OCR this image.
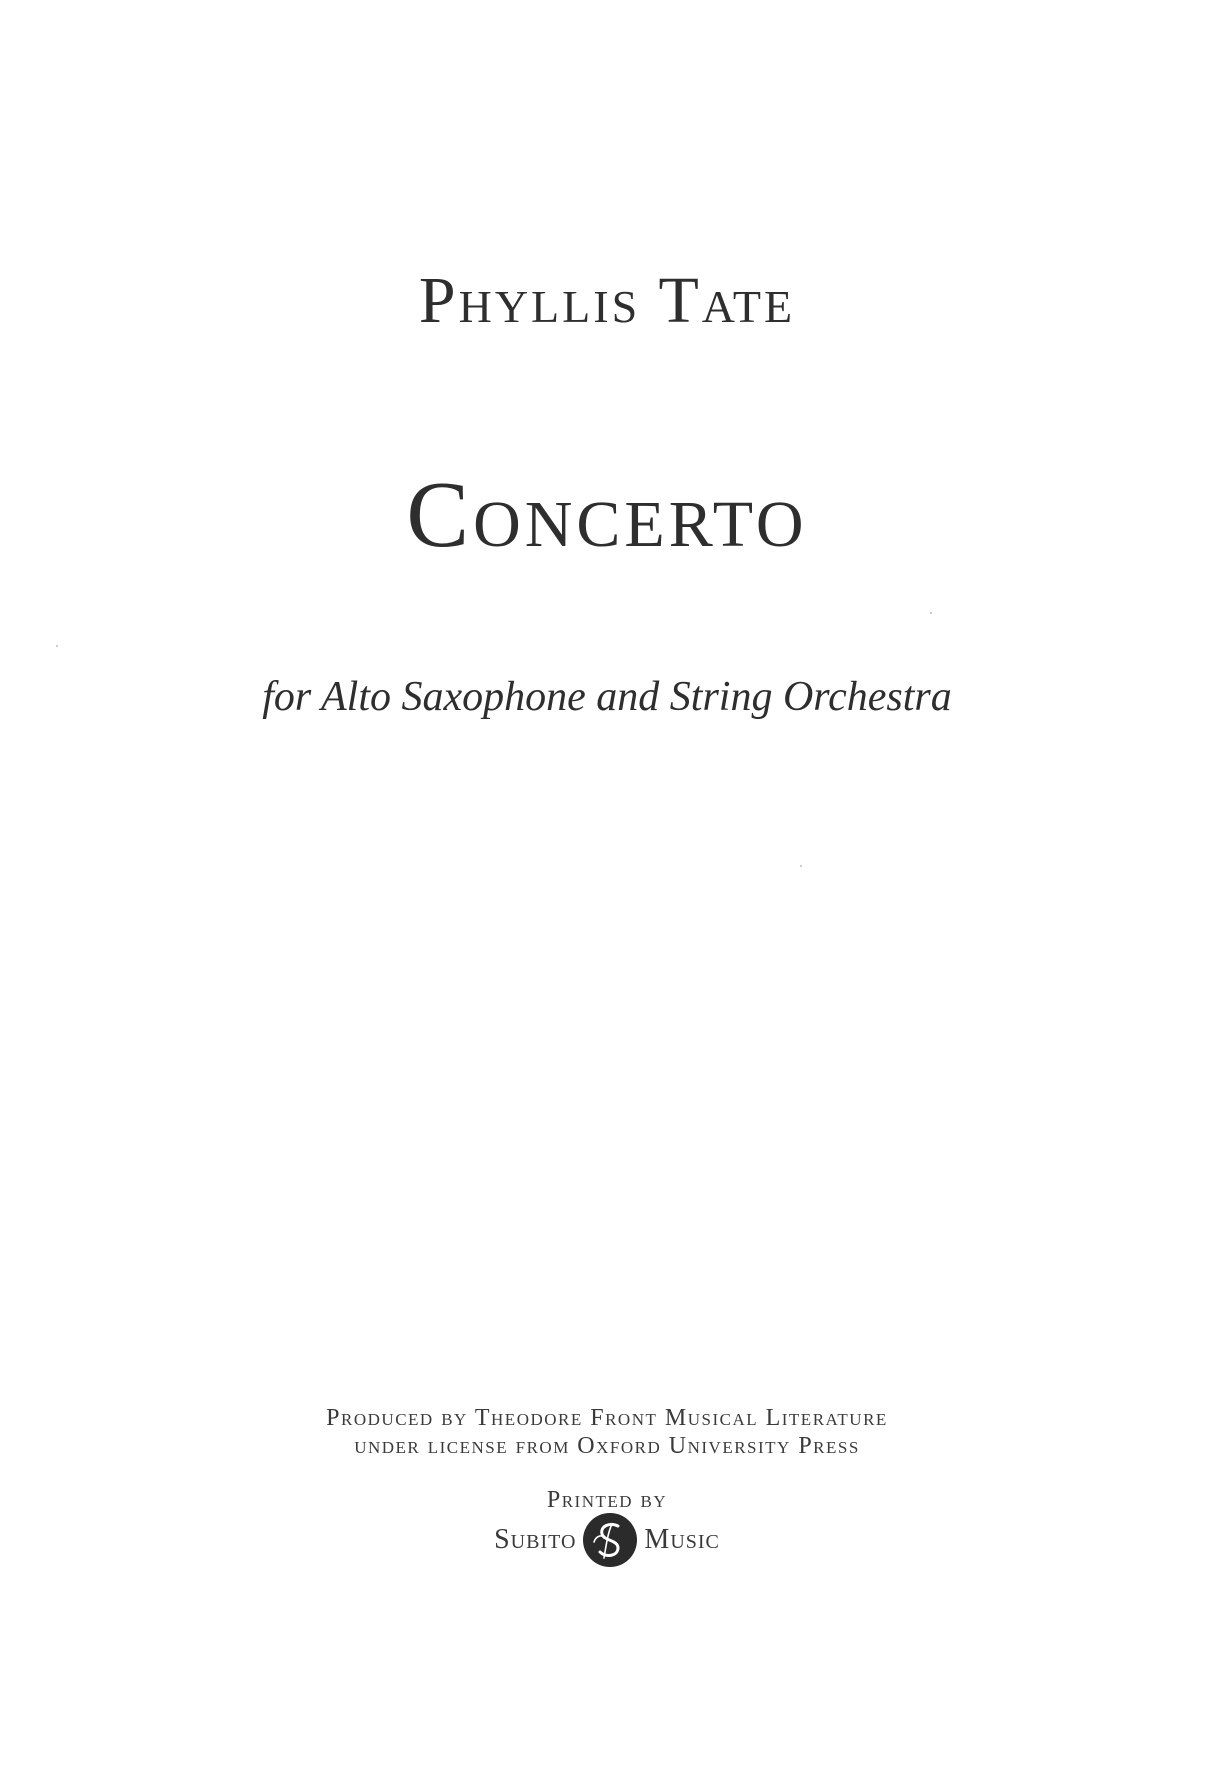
Phyllis Tate
Concerto
for Alto Saxophone and String Orchestra
Produced by Theodore Front Musical Literature
under license from Oxford University Press
Printed by
Subito Music
